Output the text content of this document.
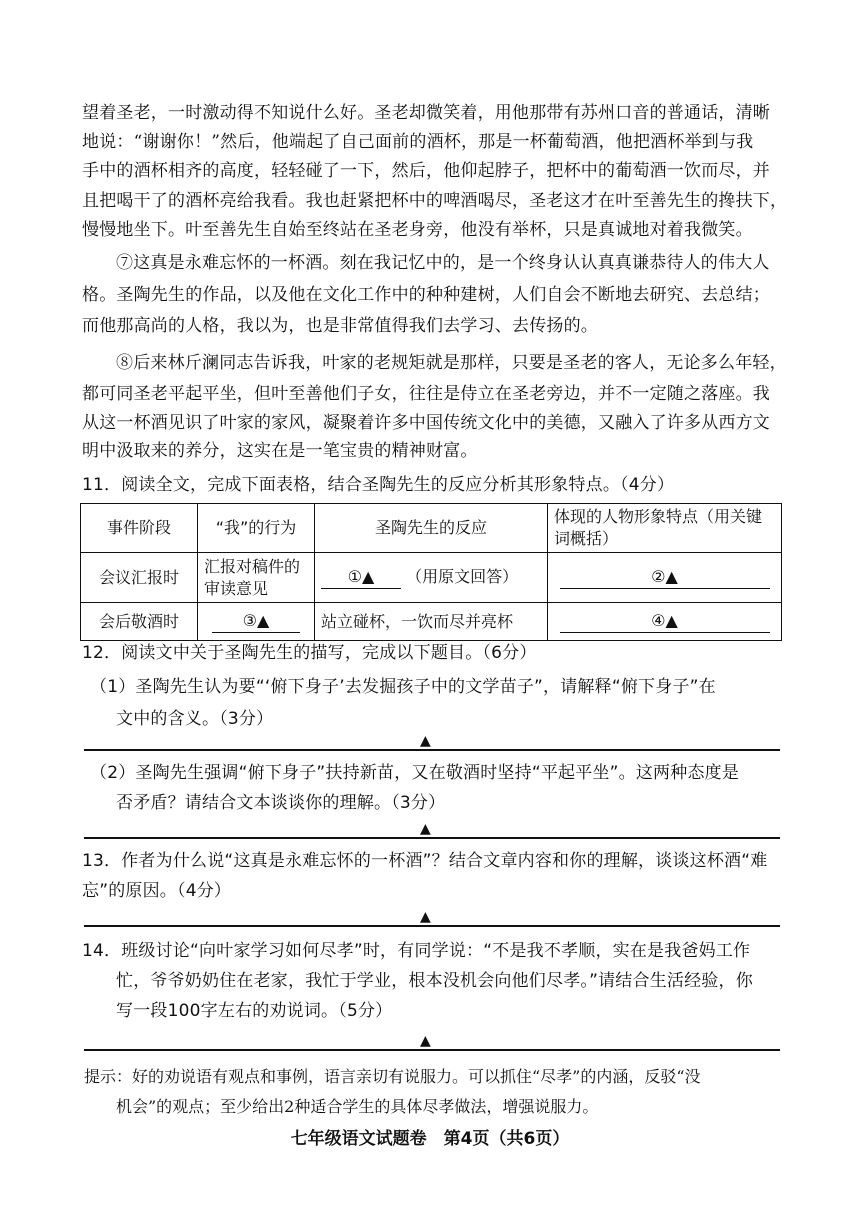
望着圣老，一时激动得不知说什么好。圣老却微笑着，用他那带有苏州口音的普通话，清晰
地说：“谢谢你！”然后，他端起了自己面前的酒杯，那是一杯葡萄酒，他把酒杯举到与我
手中的酒杯相齐的高度，轻轻碰了一下，然后，他仰起脖子，把杯中的葡萄酒一饮而尽，并
且把喝干了的酒杯亮给我看。我也赶紧把杯中的啤酒喝尽，圣老这才在叶至善先生的搀扶下，
慢慢地坐下。叶至善先生自始至终站在圣老身旁，他没有举杯，只是真诚地对着我微笑。
⑦这真是永难忘怀的一杯酒。刻在我记忆中的，是一个终身认认真真谦恭待人的伟大人
格。圣陶先生的作品，以及他在文化工作中的种种建树，人们自会不断地去研究、去总结；
而他那高尚的人格，我以为，也是非常值得我们去学习、去传扬的。
⑧后来林斤澜同志告诉我，叶家的老规矩就是那样，只要是圣老的客人，无论多么年轻，
都可同圣老平起平坐，但叶至善他们子女，往往是侍立在圣老旁边，并不一定随之落座。我
从这一杯酒见识了叶家的家风，凝聚着许多中国传统文化中的美德，又融入了许多从西方文
明中汲取来的养分，这实在是一笔宝贵的精神财富。
11．阅读全文，完成下面表格，结合圣陶先生的反应分析其形象特点。（4分）
事件阶段	“我”的行为	圣陶先生的反应	体现的人物形象特点（用关键词概括）
会议汇报时	汇报对稿件的审读意见	①▲ （用原文回答）	②▲
会后敬酒时	③▲	站立碰杯，一饮而尽并亮杯	④▲
12．阅读文中关于圣陶先生的描写，完成以下题目。（6分）
（1）圣陶先生认为要“‘俯下身子’去发掘孩子中的文学苗子”，请解释“俯下身子”在
文中的含义。（3分）
▲
（2）圣陶先生强调“俯下身子”扶持新苗，又在敬酒时坚持“平起平坐”。这两种态度是
否矛盾？请结合文本谈谈你的理解。（3分）
▲
13．作者为什么说“这真是永难忘怀的一杯酒”？结合文章内容和你的理解，谈谈这杯酒“难
忘”的原因。（4分）
▲
14．班级讨论“向叶家学习如何尽孝”时，有同学说：“不是我不孝顺，实在是我爸妈工作
忙，爷爷奶奶住在老家，我忙于学业，根本没机会向他们尽孝。”请结合生活经验，你
写一段100字左右的劝说词。（5分）
▲
提示：好的劝说语有观点和事例，语言亲切有说服力。可以抓住“尽孝”的内涵，反驳“没
机会”的观点；至少给出2种适合学生的具体尽孝做法，增强说服力。
七年级语文试题卷　第4页（共6页）
